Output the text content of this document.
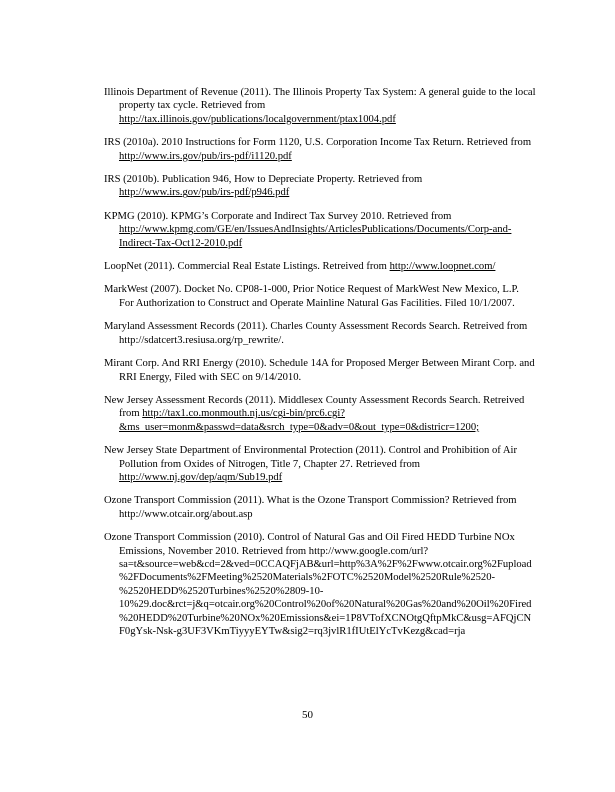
Illinois Department of Revenue (2011). The Illinois Property Tax System: A general guide to the local property tax cycle. Retrieved from http://tax.illinois.gov/publications/localgovernment/ptax1004.pdf

IRS (2010a). 2010 Instructions for Form 1120, U.S. Corporation Income Tax Return. Retrieved from http://www.irs.gov/pub/irs-pdf/i1120.pdf

IRS (2010b). Publication 946, How to Depreciate Property. Retrieved from http://www.irs.gov/pub/irs-pdf/p946.pdf

KPMG (2010). KPMG’s Corporate and Indirect Tax Survey 2010. Retrieved from http://www.kpmg.com/GE/en/IssuesAndInsights/ArticlesPublications/Documents/Corp-and-Indirect-Tax-Oct12-2010.pdf

LoopNet (2011). Commercial Real Estate Listings. Retreived from http://www.loopnet.com/

MarkWest (2007). Docket No. CP08-1-000, Prior Notice Request of MarkWest New Mexico, L.P. For Authorization to Construct and Operate Mainline Natural Gas Facilities. Filed 10/1/2007.

Maryland Assessment Records (2011). Charles County Assessment Records Search. Retreived from http://sdatcert3.resiusa.org/rp_rewrite/.

Mirant Corp. And RRI Energy (2010). Schedule 14A for Proposed Merger Between Mirant Corp. and RRI Energy, Filed with SEC on 9/14/2010.

New Jersey Assessment Records (2011). Middlesex County Assessment Records Search. Retreived from http://tax1.co.monmouth.nj.us/cgi-bin/prc6.cgi?&ms_user=monm&passwd=data&srch_type=0&adv=0&out_type=0&districr=1200;

New Jersey State Department of Environmental Protection (2011). Control and Prohibition of Air Pollution from Oxides of Nitrogen, Title 7, Chapter 27. Retrieved from http://www.nj.gov/dep/aqm/Sub19.pdf

Ozone Transport Commission (2011). What is the Ozone Transport Commission? Retrieved from http://www.otcair.org/about.asp

Ozone Transport Commission (2010). Control of Natural Gas and Oil Fired HEDD Turbine NOx Emissions, November 2010. Retrieved from http://www.google.com/url?sa=t&source=web&cd=2&ved=0CCAQFjAB&url=http%3A%2F%2Fwww.otcair.org%2Fupload%2FDocuments%2FMeeting%2520Materials%2FOTC%2520Model%2520Rule%2520-%2520HEDD%2520Turbines%2520%2809-10-10%29.doc&rct=j&q=otcair.org%20Control%20of%20Natural%20Gas%20and%20Oil%20Fired%20HEDD%20Turbine%20NOx%20Emissions&ei=1P8VTofXCNOtgQftpMkC&usg=AFQjCNF0gYsk-Nsk-g3UF3VKmTiyyyEYTw&sig2=rq3jvlR1fIUtElYcTvKezg&cad=rja

50
